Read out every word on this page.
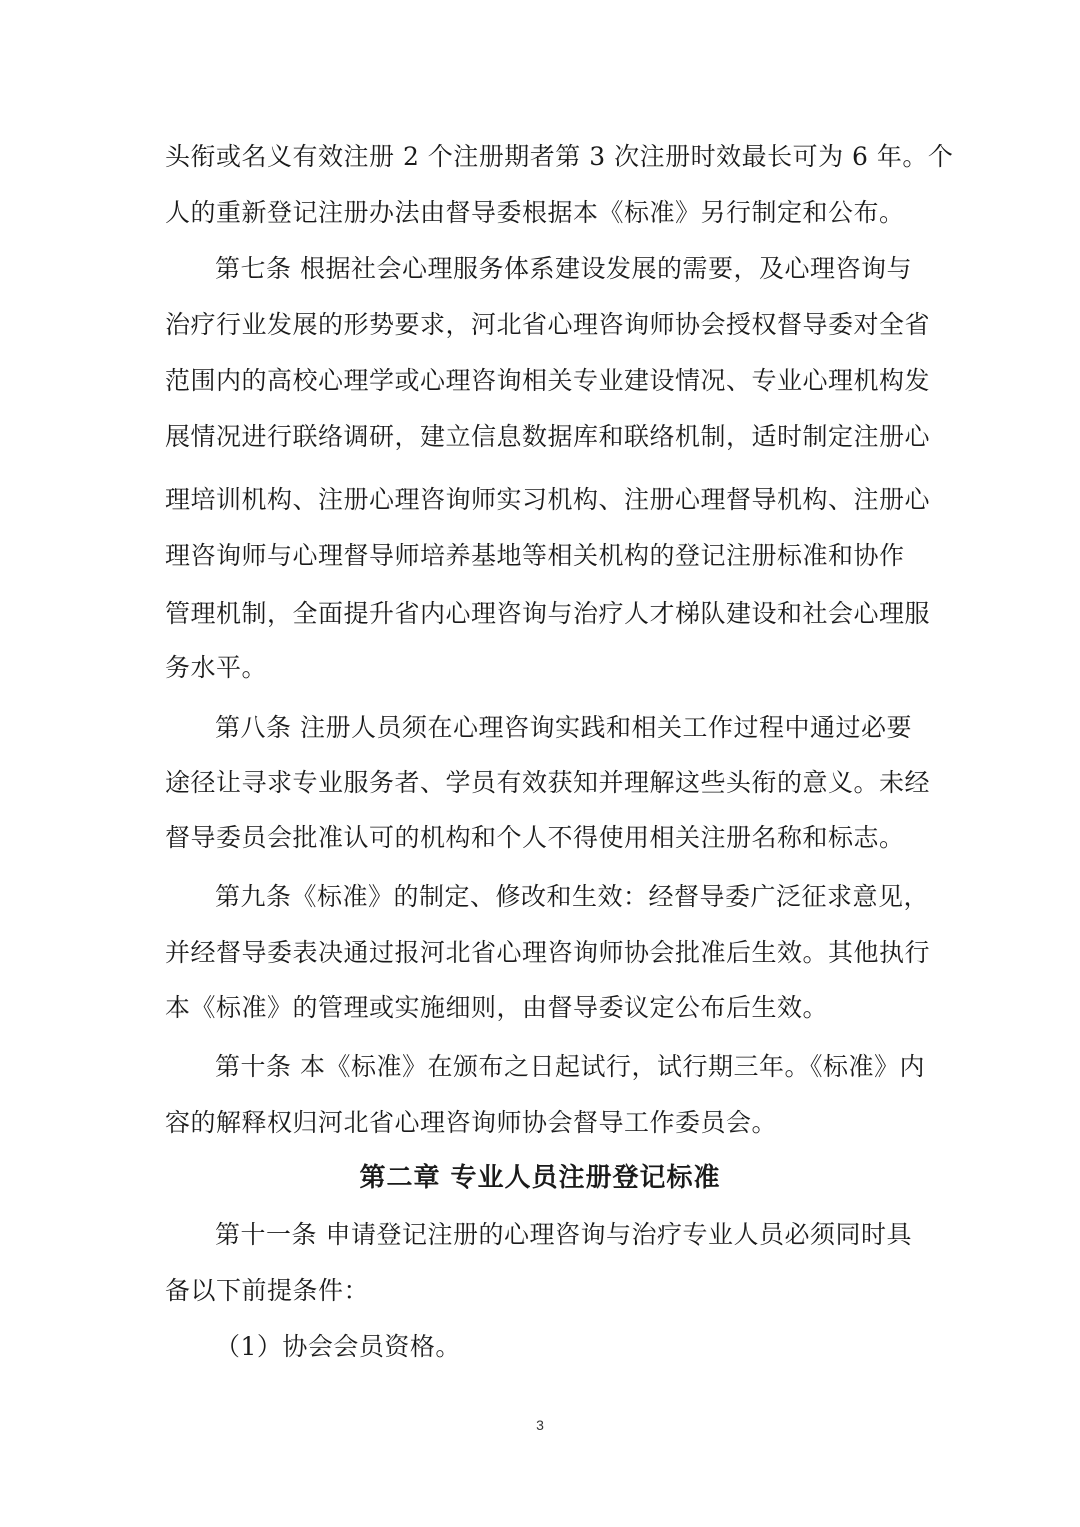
头衔或名义有效注册 2 个注册期者第 3 次注册时效最长可为 6 年。个
人的重新登记注册办法由督导委根据本《标准》另行制定和公布。
第七条 根据社会心理服务体系建设发展的需要，及心理咨询与
治疗行业发展的形势要求，河北省心理咨询师协会授权督导委对全省
范围内的高校心理学或心理咨询相关专业建设情况、专业心理机构发
展情况进行联络调研，建立信息数据库和联络机制，适时制定注册心
理培训机构、注册心理咨询师实习机构、注册心理督导机构、注册心
理咨询师与心理督导师培养基地等相关机构的登记注册标准和协作
管理机制，全面提升省内心理咨询与治疗人才梯队建设和社会心理服
务水平。
第八条 注册人员须在心理咨询实践和相关工作过程中通过必要
途径让寻求专业服务者、学员有效获知并理解这些头衔的意义。未经
督导委员会批准认可的机构和个人不得使用相关注册名称和标志。
第九条《标准》的制定、修改和生效：经督导委广泛征求意见，
并经督导委表决通过报河北省心理咨询师协会批准后生效。其他执行
本《标准》的管理或实施细则，由督导委议定公布后生效。
第十条 本《标准》在颁布之日起试行，试行期三年。《标准》内
容的解释权归河北省心理咨询师协会督导工作委员会。
第二章 专业人员注册登记标准
第十一条 申请登记注册的心理咨询与治疗专业人员必须同时具
备以下前提条件：
（1）协会会员资格。
3
